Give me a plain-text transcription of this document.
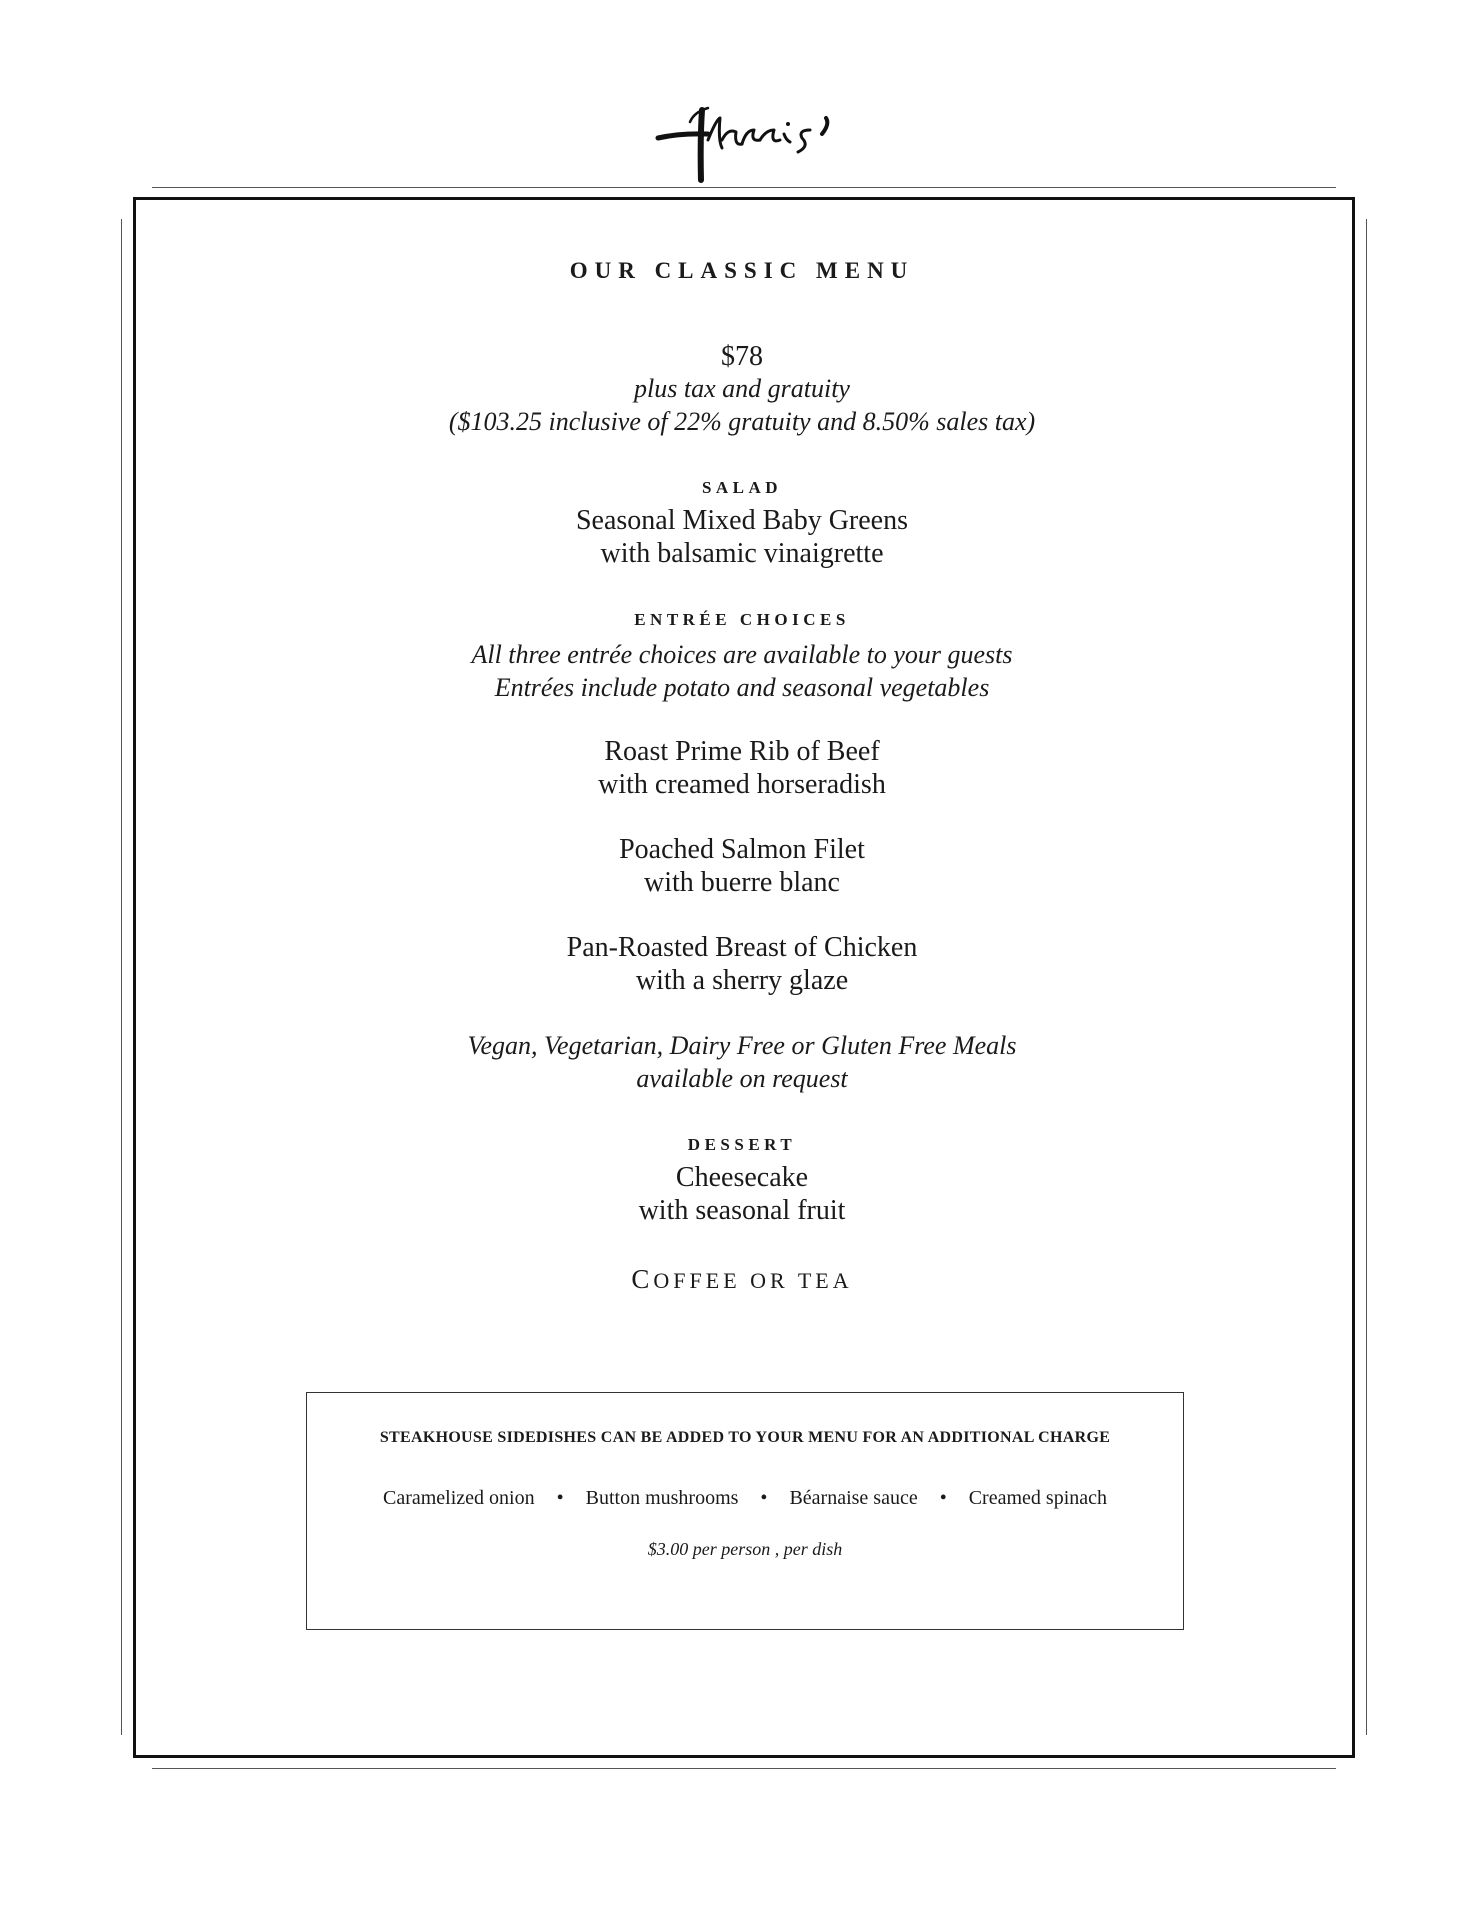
OUR CLASSIC MENU
$78
plus tax and gratuity
($103.25 inclusive of 22% gratuity and 8.50% sales tax)
SALAD
Seasonal Mixed Baby Greens
with balsamic vinaigrette
ENTRÉE CHOICES
All three entrée choices are available to your guests
Entrées include potato and seasonal vegetables
Roast Prime Rib of Beef
with creamed horseradish
Poached Salmon Filet
with buerre blanc
Pan-Roasted Breast of Chicken
with a sherry glaze
Vegan, Vegetarian, Dairy Free or Gluten Free Meals
available on request
DESSERT
Cheesecake
with seasonal fruit
COFFEE OR TEA
STEAKHOUSE SIDEDISHES CAN BE ADDED TO YOUR MENU FOR AN ADDITIONAL CHARGE
Caramelized onion • Button mushrooms • Béarnaise sauce • Creamed spinach
$3.00 per person , per dish
